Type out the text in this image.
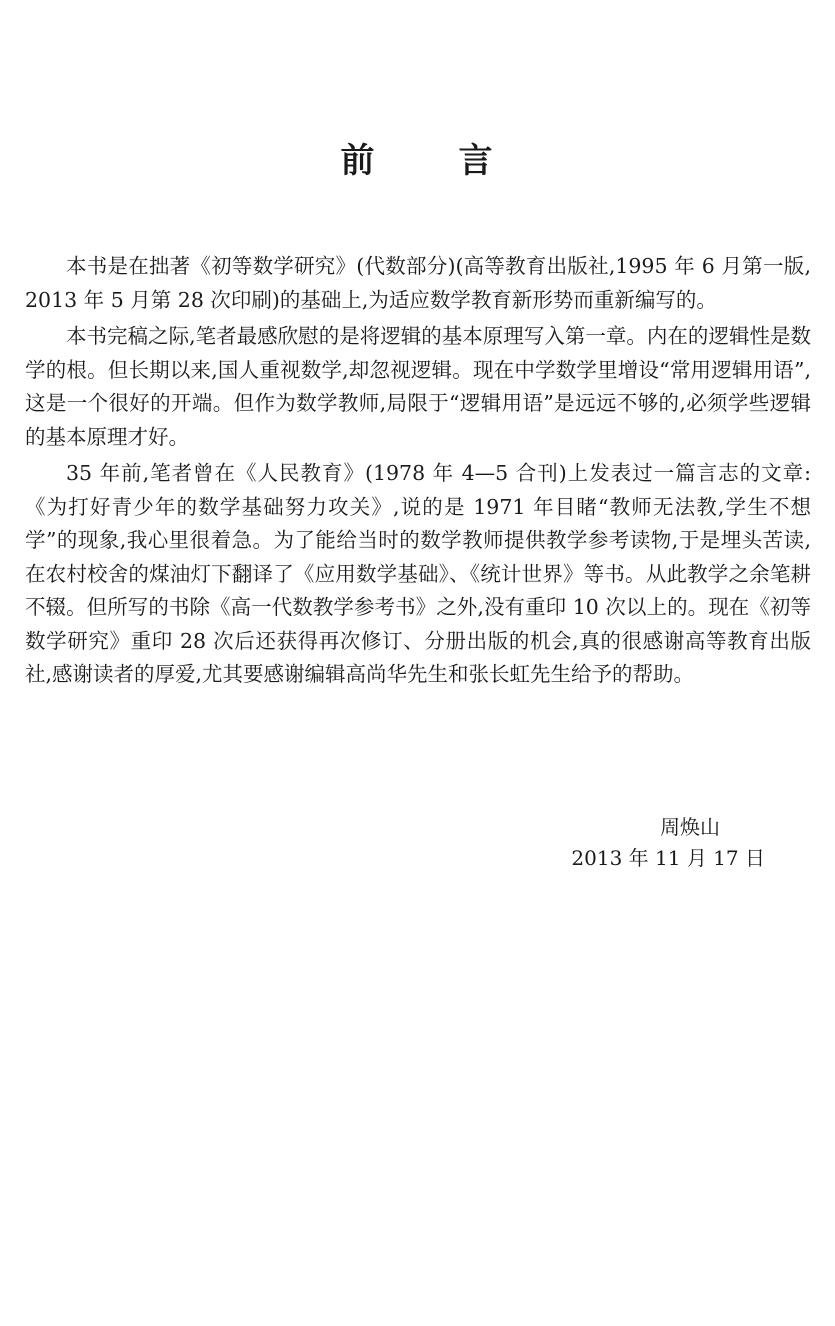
前 言

本书是在拙著《初等数学研究》(代数部分)(高等教育出版社,1995 年 6 月第一版,2013 年 5 月第 28 次印刷)的基础上,为适应数学教育新形势而重新编写的。

本书完稿之际,笔者最感欣慰的是将逻辑的基本原理写入第一章。内在的逻辑性是数学的根。但长期以来,国人重视数学,却忽视逻辑。现在中学数学里增设“常用逻辑用语”,这是一个很好的开端。但作为数学教师,局限于“逻辑用语”是远远不够的,必须学些逻辑的基本原理才好。

35 年前,笔者曾在《人民教育》(1978 年 4—5 合刊)上发表过一篇言志的文章:《为打好青少年的数学基础努力攻关》,说的是 1971 年目睹“教师无法教,学生不想学”的现象,我心里很着急。为了能给当时的数学教师提供教学参考读物,于是埋头苦读,在农村校舍的煤油灯下翻译了《应用数学基础》、《统计世界》等书。从此教学之余笔耕不辍。但所写的书除《高一代数教学参考书》之外,没有重印 10 次以上的。现在《初等数学研究》重印 28 次后还获得再次修订、分册出版的机会,真的很感谢高等教育出版社,感谢读者的厚爱,尤其要感谢编辑高尚华先生和张长虹先生给予的帮助。

周焕山
2013 年 11 月 17 日
